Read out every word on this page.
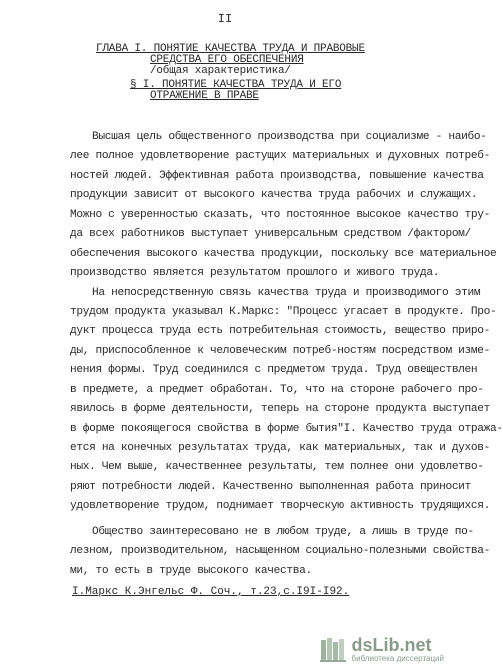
II
ГЛАВА I. ПОНЯТИЕ КАЧЕСТВА ТРУДА И ПРАВОВЫЕ
СРЕДСТВА ЕГО ОБЕСПЕЧЕНИЯ
/общая характеристика/
§ I. ПОНЯТИЕ КАЧЕСТВА ТРУДА И ЕГО
ОТРАЖЕНИЕ В ПРАВЕ
Высшая цель общественного производства при социализме - наибо-
лее полное удовлетворение растущих материальных и духовных потреб-
ностей людей. Эффективная работа производства, повышение качества
продукции зависит от высокого качества труда рабочих и служащих.
Можно с уверенностью сказать, что постоянное высокое качество тру-
да всех работников выступает универсальным средством /фактором/
обеспечения высокого качества продукции, поскольку все материальное
производство является результатом прошлого и живого труда.
На непосредственную связь качества труда и производимого этим
трудом продукта указывал К.Маркс: "Процесс угасает в продукте. Про-
дукт процесса труда есть потребительная стоимость, вещество приро-
ды, приспособленное к человеческим потреб-ностям посредством изме-
нения формы. Труд соединился с предметом труда. Труд овеществлен
в предмете, а предмет обработан. То, что на стороне рабочего про-
явилось в форме деятельности, теперь на стороне продукта выступает
в форме покоящегося свойства в форме бытия"I. Качество труда отража-
ется на конечных результатах труда, как материальных, так и духов-
ных. Чем выше, качественнее результаты, тем полнее они удовлетво-
ряют потребности людей. Качественно выполненная работа приносит
удовлетворение трудом, поднимает творческую активность трудящихся.
Общество заинтересовано не в любом труде, а лишь в труде по-
лезном, производительном, насыщенном социально-полезными свойства-
ми, то есть в труде высокого качества.
I.Маркс К.Энгельс Ф. Соч., т.23,с.I9I-I92.
dsLib.net
библиотека диссертаций
